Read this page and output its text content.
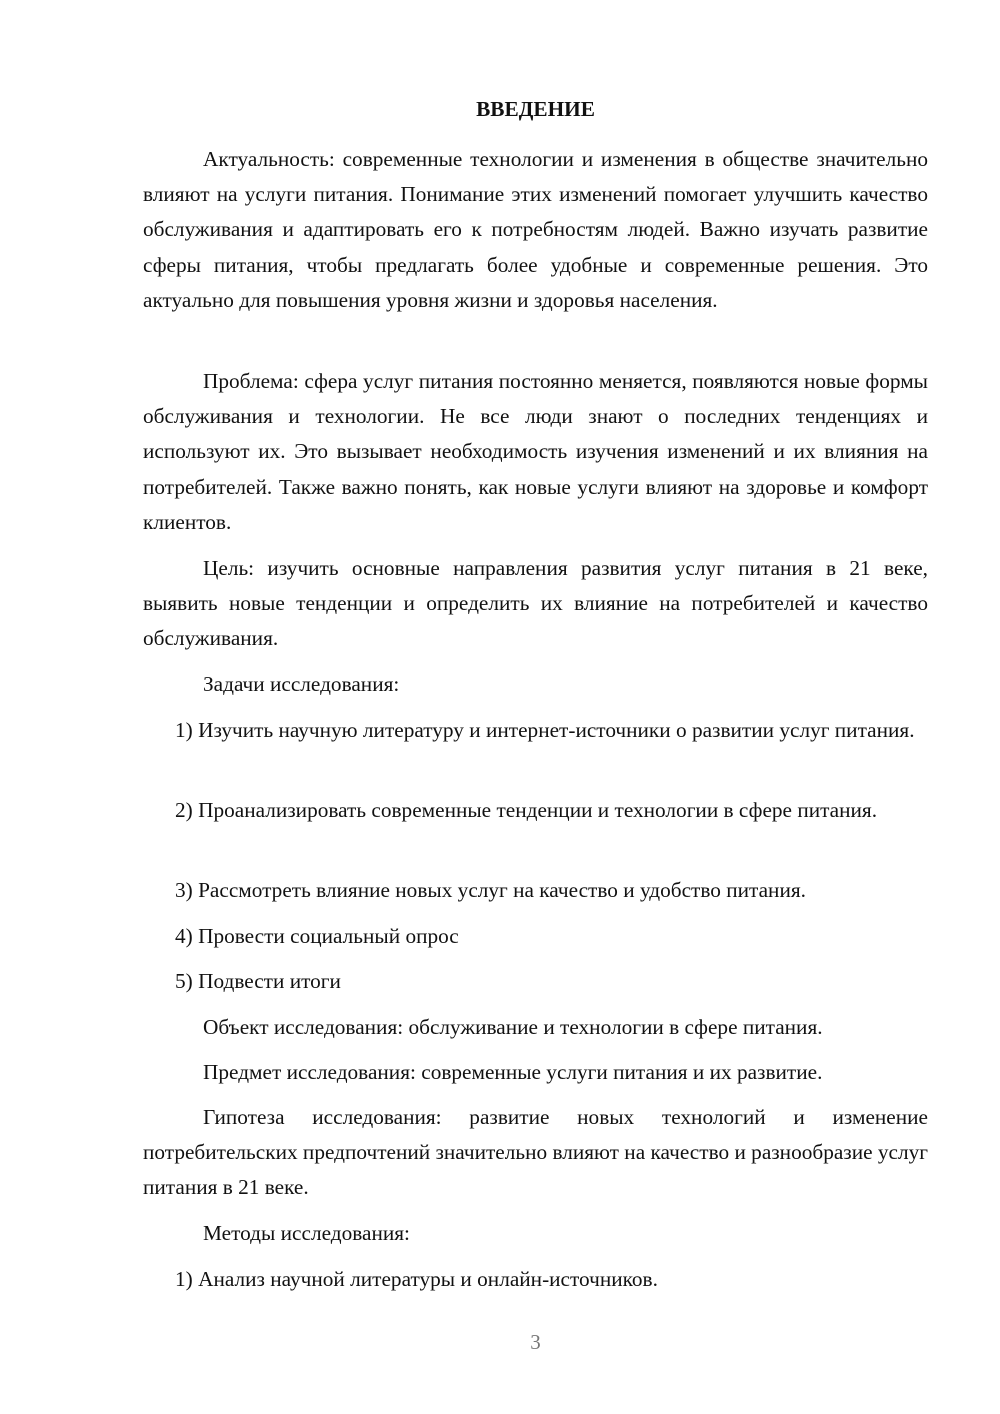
ВВЕДЕНИЕ

Актуальность: современные технологии и изменения в обществе значительно влияют на услуги питания. Понимание этих изменений помогает улучшить качество обслуживания и адаптировать его к потребностям людей. Важно изучать развитие сферы питания, чтобы предлагать более удобные и современные решения. Это актуально для повышения уровня жизни и здоровья населения.

Проблема: сфера услуг питания постоянно меняется, появляются новые формы обслуживания и технологии. Не все люди знают о последних тенденциях и используют их. Это вызывает необходимость изучения изменений и их влияния на потребителей. Также важно понять, как новые услуги влияют на здоровье и комфорт клиентов.

Цель: изучить основные направления развития услуг питания в 21 веке, выявить новые тенденции и определить их влияние на потребителей и качество обслуживания.

Задачи исследования:

1) Изучить научную литературу и интернет-источники о развитии услуг питания.

2) Проанализировать современные тенденции и технологии в сфере питания.

3) Рассмотреть влияние новых услуг на качество и удобство питания.

4) Провести социальный опрос

5) Подвести итоги

Объект исследования: обслуживание и технологии в сфере питания.

Предмет исследования: современные услуги питания и их развитие.

Гипотеза исследования: развитие новых технологий и изменение потребительских предпочтений значительно влияют на качество и разнообразие услуг питания в 21 веке.

Методы исследования:

1) Анализ научной литературы и онлайн-источников.

3
